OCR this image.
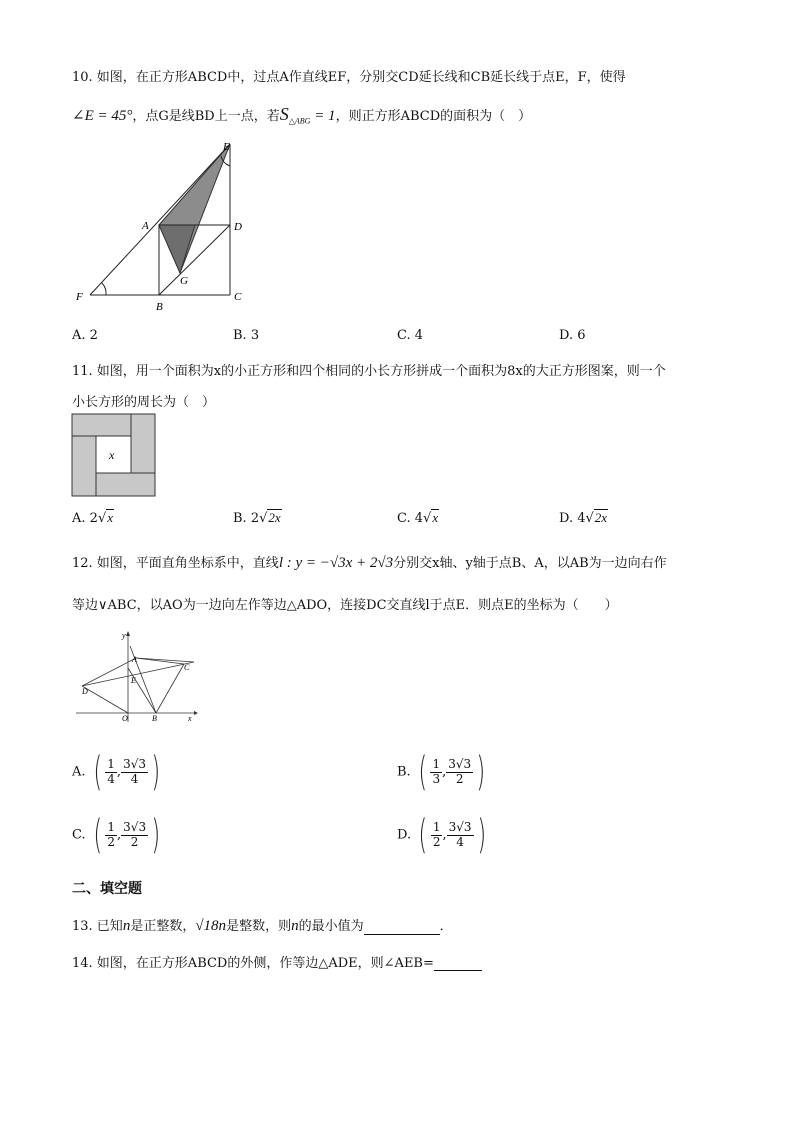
10. 如图，在正方形ABCD中，过点A作直线EF，分别交CD延长线和CB延长线于点E，F，使得
∠E = 45°，点G是线BD上一点，若$S_{\triangle ABG} = 1$，则正方形ABCD的面积为（　）
E
A	D
G
F
B
C
A. 2	B. 3	C. 4	D. 6
11. 如图，用一个面积为x的小正方形和四个相同的小长方形拼成一个面积为8x的大正方形图案，则一个
小长方形的周长为（　）
x
A. 2√x	B. 2√2x	C. 4√x	D. 4√2x
12. 如图，平面直角坐标系中，直线l : y = −√3x + 2√3分别交x轴、y轴于点B、A，以AB为一边向右作
等边∨ABC，以AO为一边向左作等边△ADO，连接DC交直线l于点E．则点E的坐标为（　　）
y
A
C
E
D
O	B	x
A. ( $\frac{1}{4}$ , $\frac{3√3}{4}$ )	B. ( $\frac{1}{3}$ , $\frac{3√3}{2}$ )
C. ( $\frac{1}{2}$ , $\frac{3√3}{2}$ )	D. ( $\frac{1}{2}$ , $\frac{3√3}{4}$ )
二、填空题
13. 已知n是正整数，√18n是整数，则n的最小值为	．
14. 如图，在正方形ABCD的外侧，作等边△ADE，则∠AEB=
